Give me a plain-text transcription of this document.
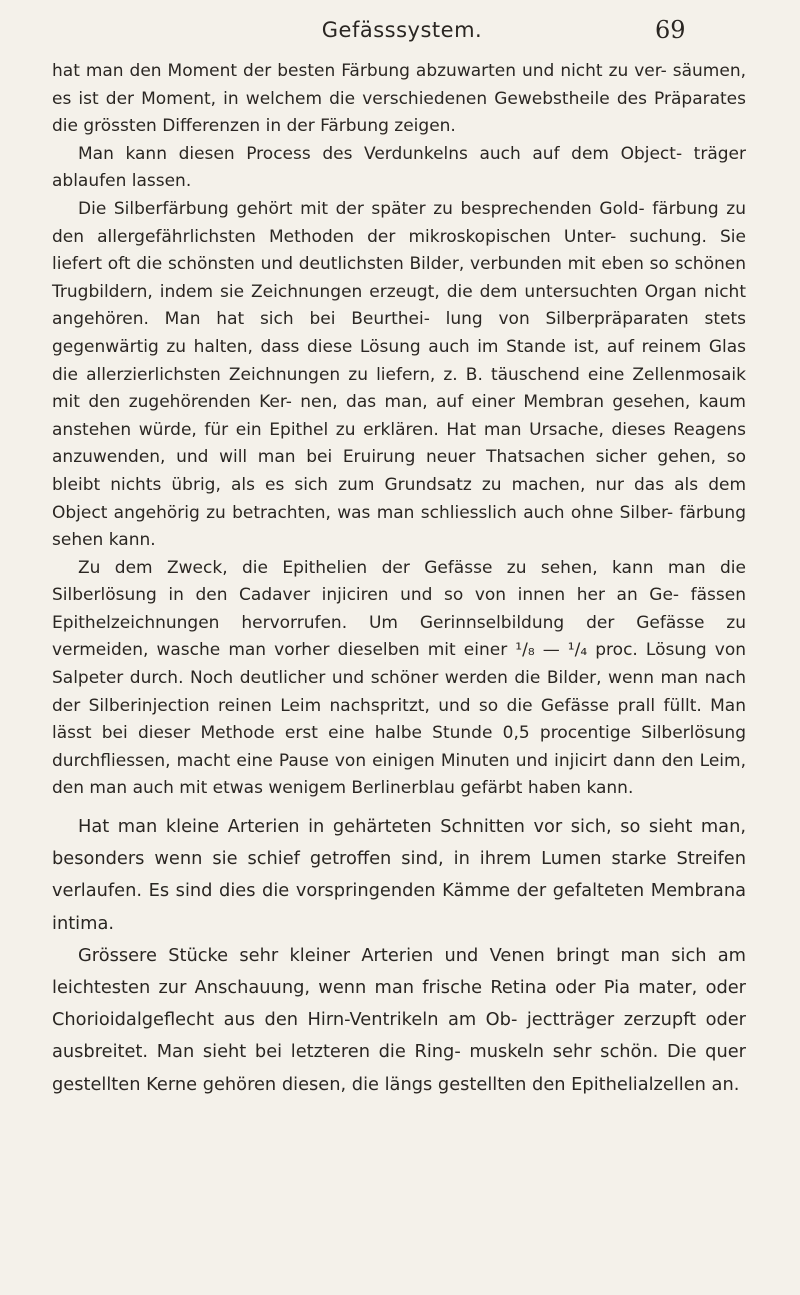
Gefässsystem.	69

hat man den Moment der besten Färbung abzuwarten und nicht zu ver- säumen, es ist der Moment, in welchem die verschiedenen Gewebstheile des Präparates die grössten Differenzen in der Färbung zeigen.

Man kann diesen Process des Verdunkelns auch auf dem Object- träger ablaufen lassen.

Die Silberfärbung gehört mit der später zu besprechenden Gold- färbung zu den allergefährlichsten Methoden der mikroskopischen Unter- suchung. Sie liefert oft die schönsten und deutlichsten Bilder, verbunden mit eben so schönen Trugbildern, indem sie Zeichnungen erzeugt, die dem untersuchten Organ nicht angehören. Man hat sich bei Beurthei- lung von Silberpräparaten stets gegenwärtig zu halten, dass diese Lösung auch im Stande ist, auf reinem Glas die allerzierlichsten Zeichnungen zu liefern, z. B. täuschend eine Zellenmosaik mit den zugehörenden Ker- nen, das man, auf einer Membran gesehen, kaum anstehen würde, für ein Epithel zu erklären. Hat man Ursache, dieses Reagens anzuwenden, und will man bei Eruirung neuer Thatsachen sicher gehen, so bleibt nichts übrig, als es sich zum Grundsatz zu machen, nur das als dem Object angehörig zu betrachten, was man schliesslich auch ohne Silber- färbung sehen kann.

Zu dem Zweck, die Epithelien der Gefässe zu sehen, kann man die Silberlösung in den Cadaver injiciren und so von innen her an Ge- fässen Epithelzeichnungen hervorrufen. Um Gerinnselbildung der Gefässe zu vermeiden, wasche man vorher dieselben mit einer ¹/₈ — ¹/₄ proc. Lösung von Salpeter durch. Noch deutlicher und schöner werden die Bilder, wenn man nach der Silberinjection reinen Leim nachspritzt, und so die Gefässe prall füllt. Man lässt bei dieser Methode erst eine halbe Stunde 0,5 procentige Silberlösung durchfliessen, macht eine Pause von einigen Minuten und injicirt dann den Leim, den man auch mit etwas wenigem Berlinerblau gefärbt haben kann.

Hat man kleine Arterien in gehärteten Schnitten vor sich, so sieht man, besonders wenn sie schief getroffen sind, in ihrem Lumen starke Streifen verlaufen. Es sind dies die vorspringenden Kämme der gefalteten Membrana intima.

Grössere Stücke sehr kleiner Arterien und Venen bringt man sich am leichtesten zur Anschauung, wenn man frische Retina oder Pia mater, oder Chorioidalgeflecht aus den Hirn-Ventrikeln am Ob- jectträger zerzupft oder ausbreitet. Man sieht bei letzteren die Ring- muskeln sehr schön. Die quer gestellten Kerne gehören diesen, die längs gestellten den Epithelialzellen an.
